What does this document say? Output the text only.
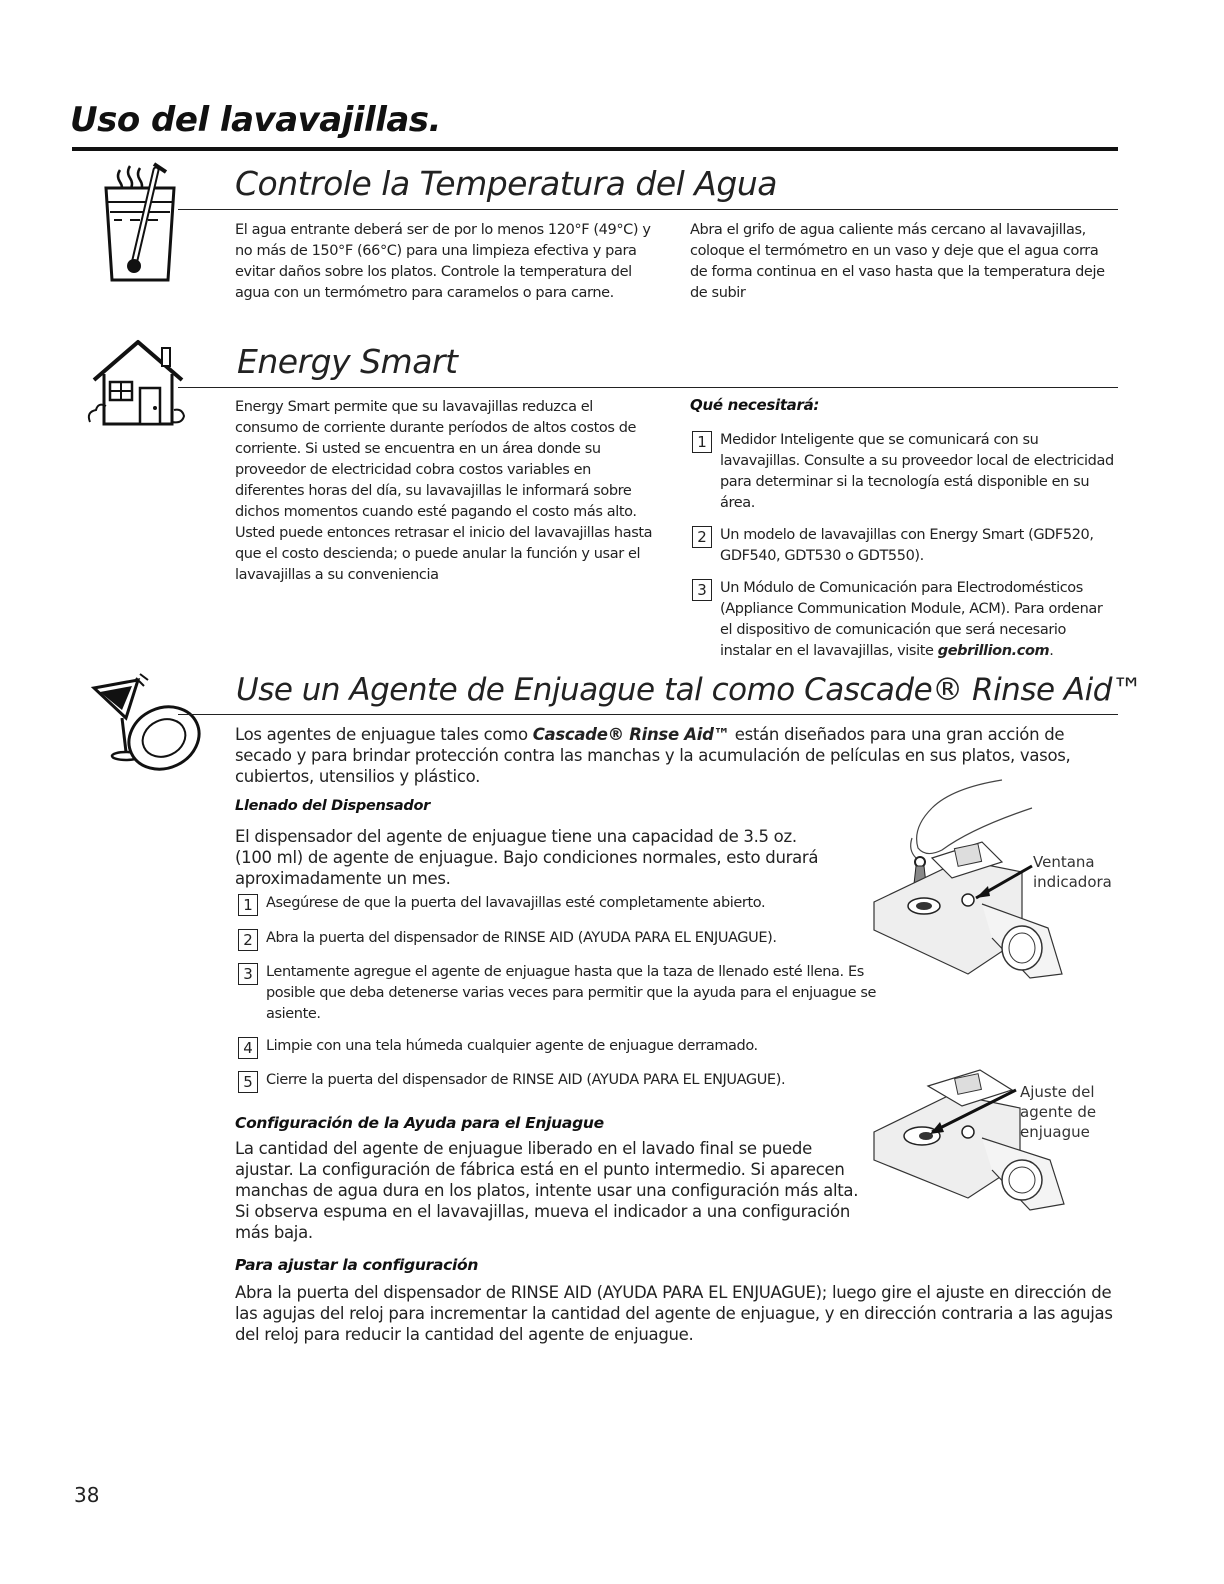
Uso del lavavajillas.
Controle la Temperatura del Agua

El agua entrante deberá ser de por lo menos 120°F (49°C) y no más de 150°F (66°C) para una limpieza efectiva y para evitar daños sobre los platos. Controle la temperatura del agua con un termómetro para caramelos o para carne.

Abra el grifo de agua caliente más cercano al lavavajillas, coloque el termómetro en un vaso y deje que el agua corra de forma continua en el vaso hasta que la temperatura deje de subir

Energy Smart

Energy Smart permite que su lavavajillas reduzca el consumo de corriente durante períodos de altos costos de corriente. Si usted se encuentra en un área donde su proveedor de electricidad cobra costos variables en diferentes horas del día, su lavavajillas le informará sobre dichos momentos cuando esté pagando el costo más alto. Usted puede entonces retrasar el inicio del lavavajillas hasta que el costo descienda; o puede anular la función y usar el lavavajillas a su conveniencia

Qué necesitará:
1 Medidor Inteligente que se comunicará con su lavavajillas. Consulte a su proveedor local de electricidad para determinar si la tecnología está disponible en su área.

2 Un modelo de lavavajillas con Energy Smart (GDF520, GDF540, GDT530 o GDT550).

3 Un Módulo de Comunicación para Electrodomésticos (Appliance Communication Module, ACM). Para ordenar el dispositivo de comunicación que será necesario instalar en el lavavajillas, visite gebrillion.com.

Use un Agente de Enjuague tal como Cascade® Rinse Aid™

Los agentes de enjuague tales como Cascade® Rinse Aid™ están diseñados para una gran acción de secado y para brindar protección contra las manchas y la acumulación de películas en sus platos, vasos, cubiertos, utensilios y plástico.

Llenado del Dispensador

El dispensador del agente de enjuague tiene una capacidad de 3.5 oz. (100 ml) de agente de enjuague. Bajo condiciones normales, esto durará aproximadamente un mes.

1 Asegúrese de que la puerta del lavavajillas esté completamente abierto.

2 Abra la puerta del dispensador de RINSE AID (AYUDA PARA EL ENJUAGUE).

3 Lentamente agregue el agente de enjuague hasta que la taza de llenado esté llena. Es posible que deba detenerse varias veces para permitir que la ayuda para el enjuague se asiente.

4 Limpie con una tela húmeda cualquier agente de enjuague derramado.

5 Cierre la puerta del dispensador de RINSE AID (AYUDA PARA EL ENJUAGUE).

Configuración de la Ayuda para el Enjuague

La cantidad del agente de enjuague liberado en el lavado final se puede ajustar. La configuración de fábrica está en el punto intermedio. Si aparecen manchas de agua dura en los platos, intente usar una configuración más alta. Si observa espuma en el lavavajillas, mueva el indicador a una configuración más baja.

Para ajustar la configuración

Abra la puerta del dispensador de RINSE AID (AYUDA PARA EL ENJUAGUE); luego gire el ajuste en dirección de las agujas del reloj para incrementar la cantidad del agente de enjuague, y en dirección contraria a las agujas del reloj para reducir la cantidad del agente de enjuague.

Ventana
indicadora
Ajuste del
agente de
enjuague
38
